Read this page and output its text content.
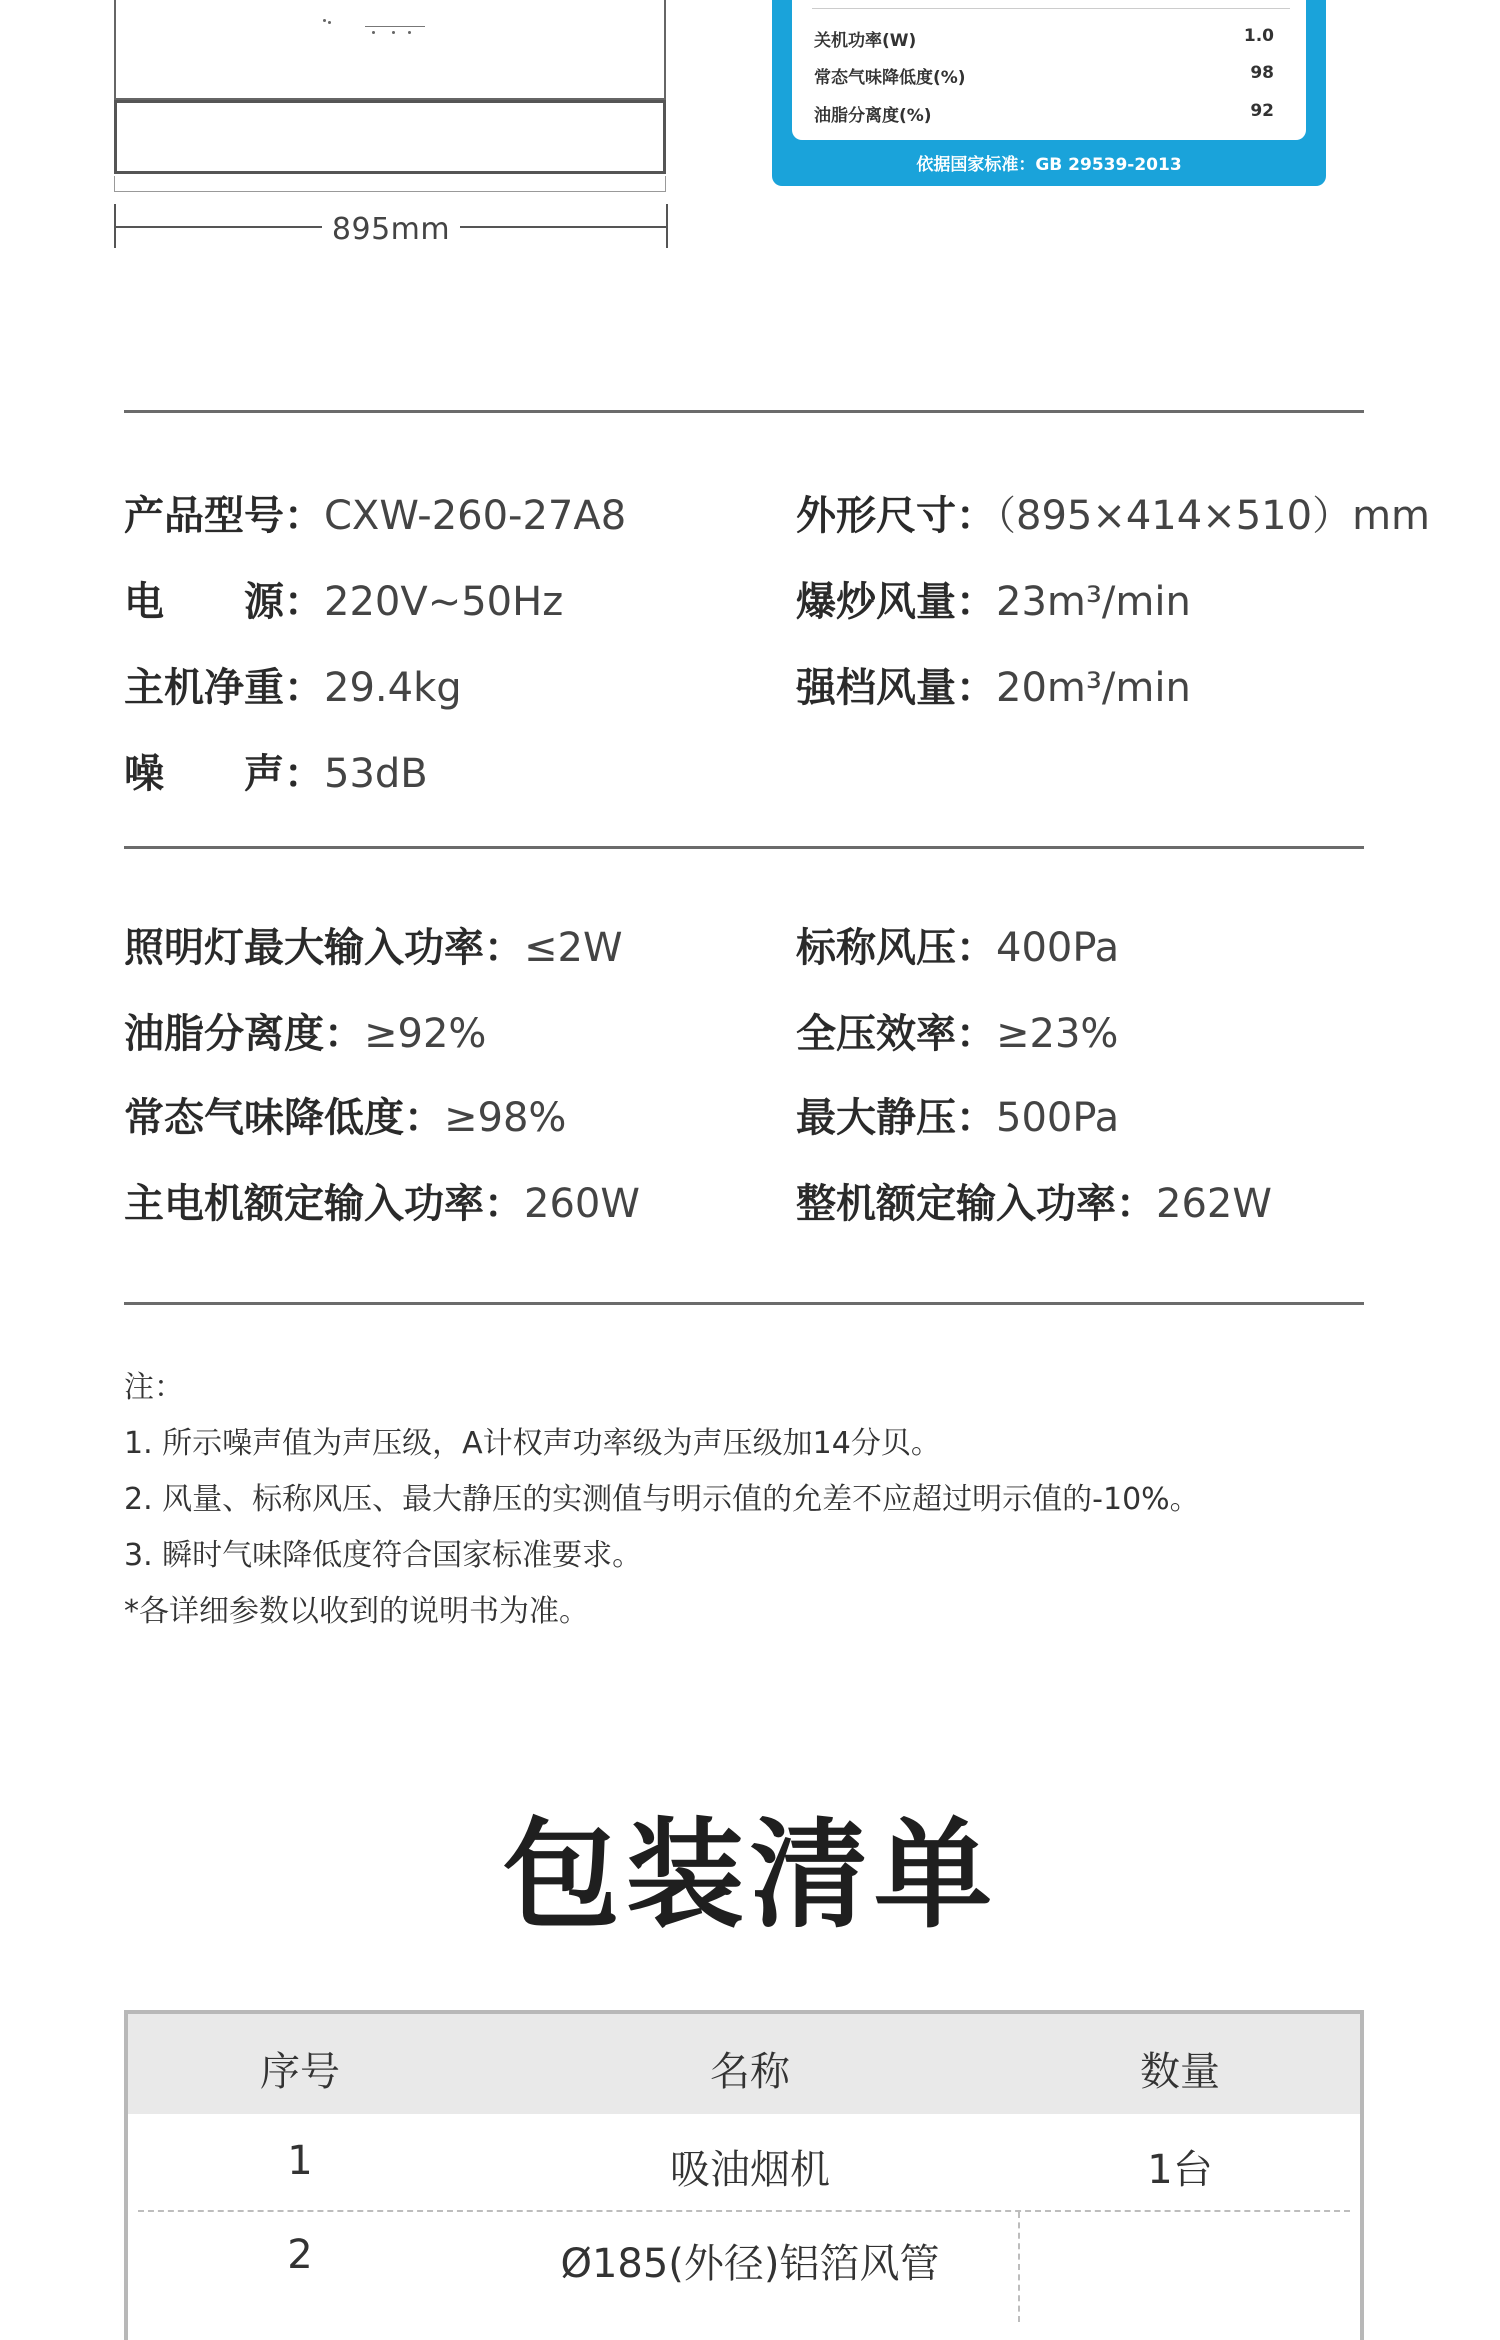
895mm
关机功率(W)	1.0
常态气味降低度(%)	98
油脂分离度(%)	92
依据国家标准：GB 29539-2013
产品型号：CXW-260-27A8
电　　源：220V~50Hz
主机净重：29.4kg
噪　　声：53dB
外形尺寸：（895×414×510）mm
爆炒风量：23m³/min
强档风量：20m³/min
照明灯最大输入功率：≤2W
油脂分离度：≥92%
常态气味降低度：≥98%
主电机额定输入功率：260W
标称风压：400Pa
全压效率：≥23%
最大静压：500Pa
整机额定输入功率：262W
注：
1. 所示噪声值为声压级，A计权声功率级为声压级加14分贝。
2. 风量、标称风压、最大静压的实测值与明示值的允差不应超过明示值的-10%。
3. 瞬时气味降低度符合国家标准要求。
*各详细参数以收到的说明书为准。
包装清单
序号	名称	数量
1	吸油烟机	1台
2	Ø185(外径)铝箔风管
